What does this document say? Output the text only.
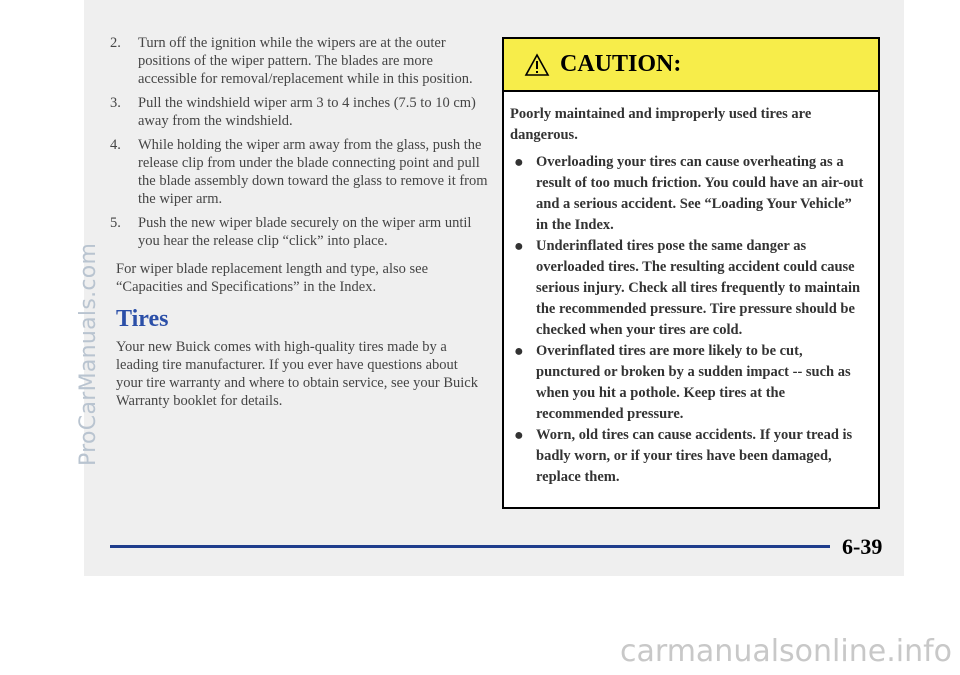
2.	Turn off the ignition while the wipers are at the outer positions of the wiper pattern. The blades are more accessible for removal/replacement while in this position.
3.	Pull the windshield wiper arm 3 to 4 inches (7.5 to 10 cm) away from the windshield.
4.	While holding the wiper arm away from the glass, push the release clip from under the blade connecting point and pull the blade assembly down toward the glass to remove it from the wiper arm.
5.	Push the new wiper blade securely on the wiper arm until you hear the release clip “click” into place.
For wiper blade replacement length and type, also see “Capacities and Specifications” in the Index.
Tires
Your new Buick comes with high-quality tires made by a leading tire manufacturer. If you ever have questions about your tire warranty and where to obtain service, see your Buick Warranty booklet for details.
CAUTION:
Poorly maintained and improperly used tires are dangerous.
● Overloading your tires can cause overheating as a result of too much friction. You could have an air-out and a serious accident. See “Loading Your Vehicle” in the Index.
● Underinflated tires pose the same danger as overloaded tires. The resulting accident could cause serious injury. Check all tires frequently to maintain the recommended pressure. Tire pressure should be checked when your tires are cold.
● Overinflated tires are more likely to be cut, punctured or broken by a sudden impact -- such as when you hit a pothole. Keep tires at the recommended pressure.
● Worn, old tires can cause accidents. If your tread is badly worn, or if your tires have been damaged, replace them.
6-39
ProCarManuals.com
carmanualsonline.info
